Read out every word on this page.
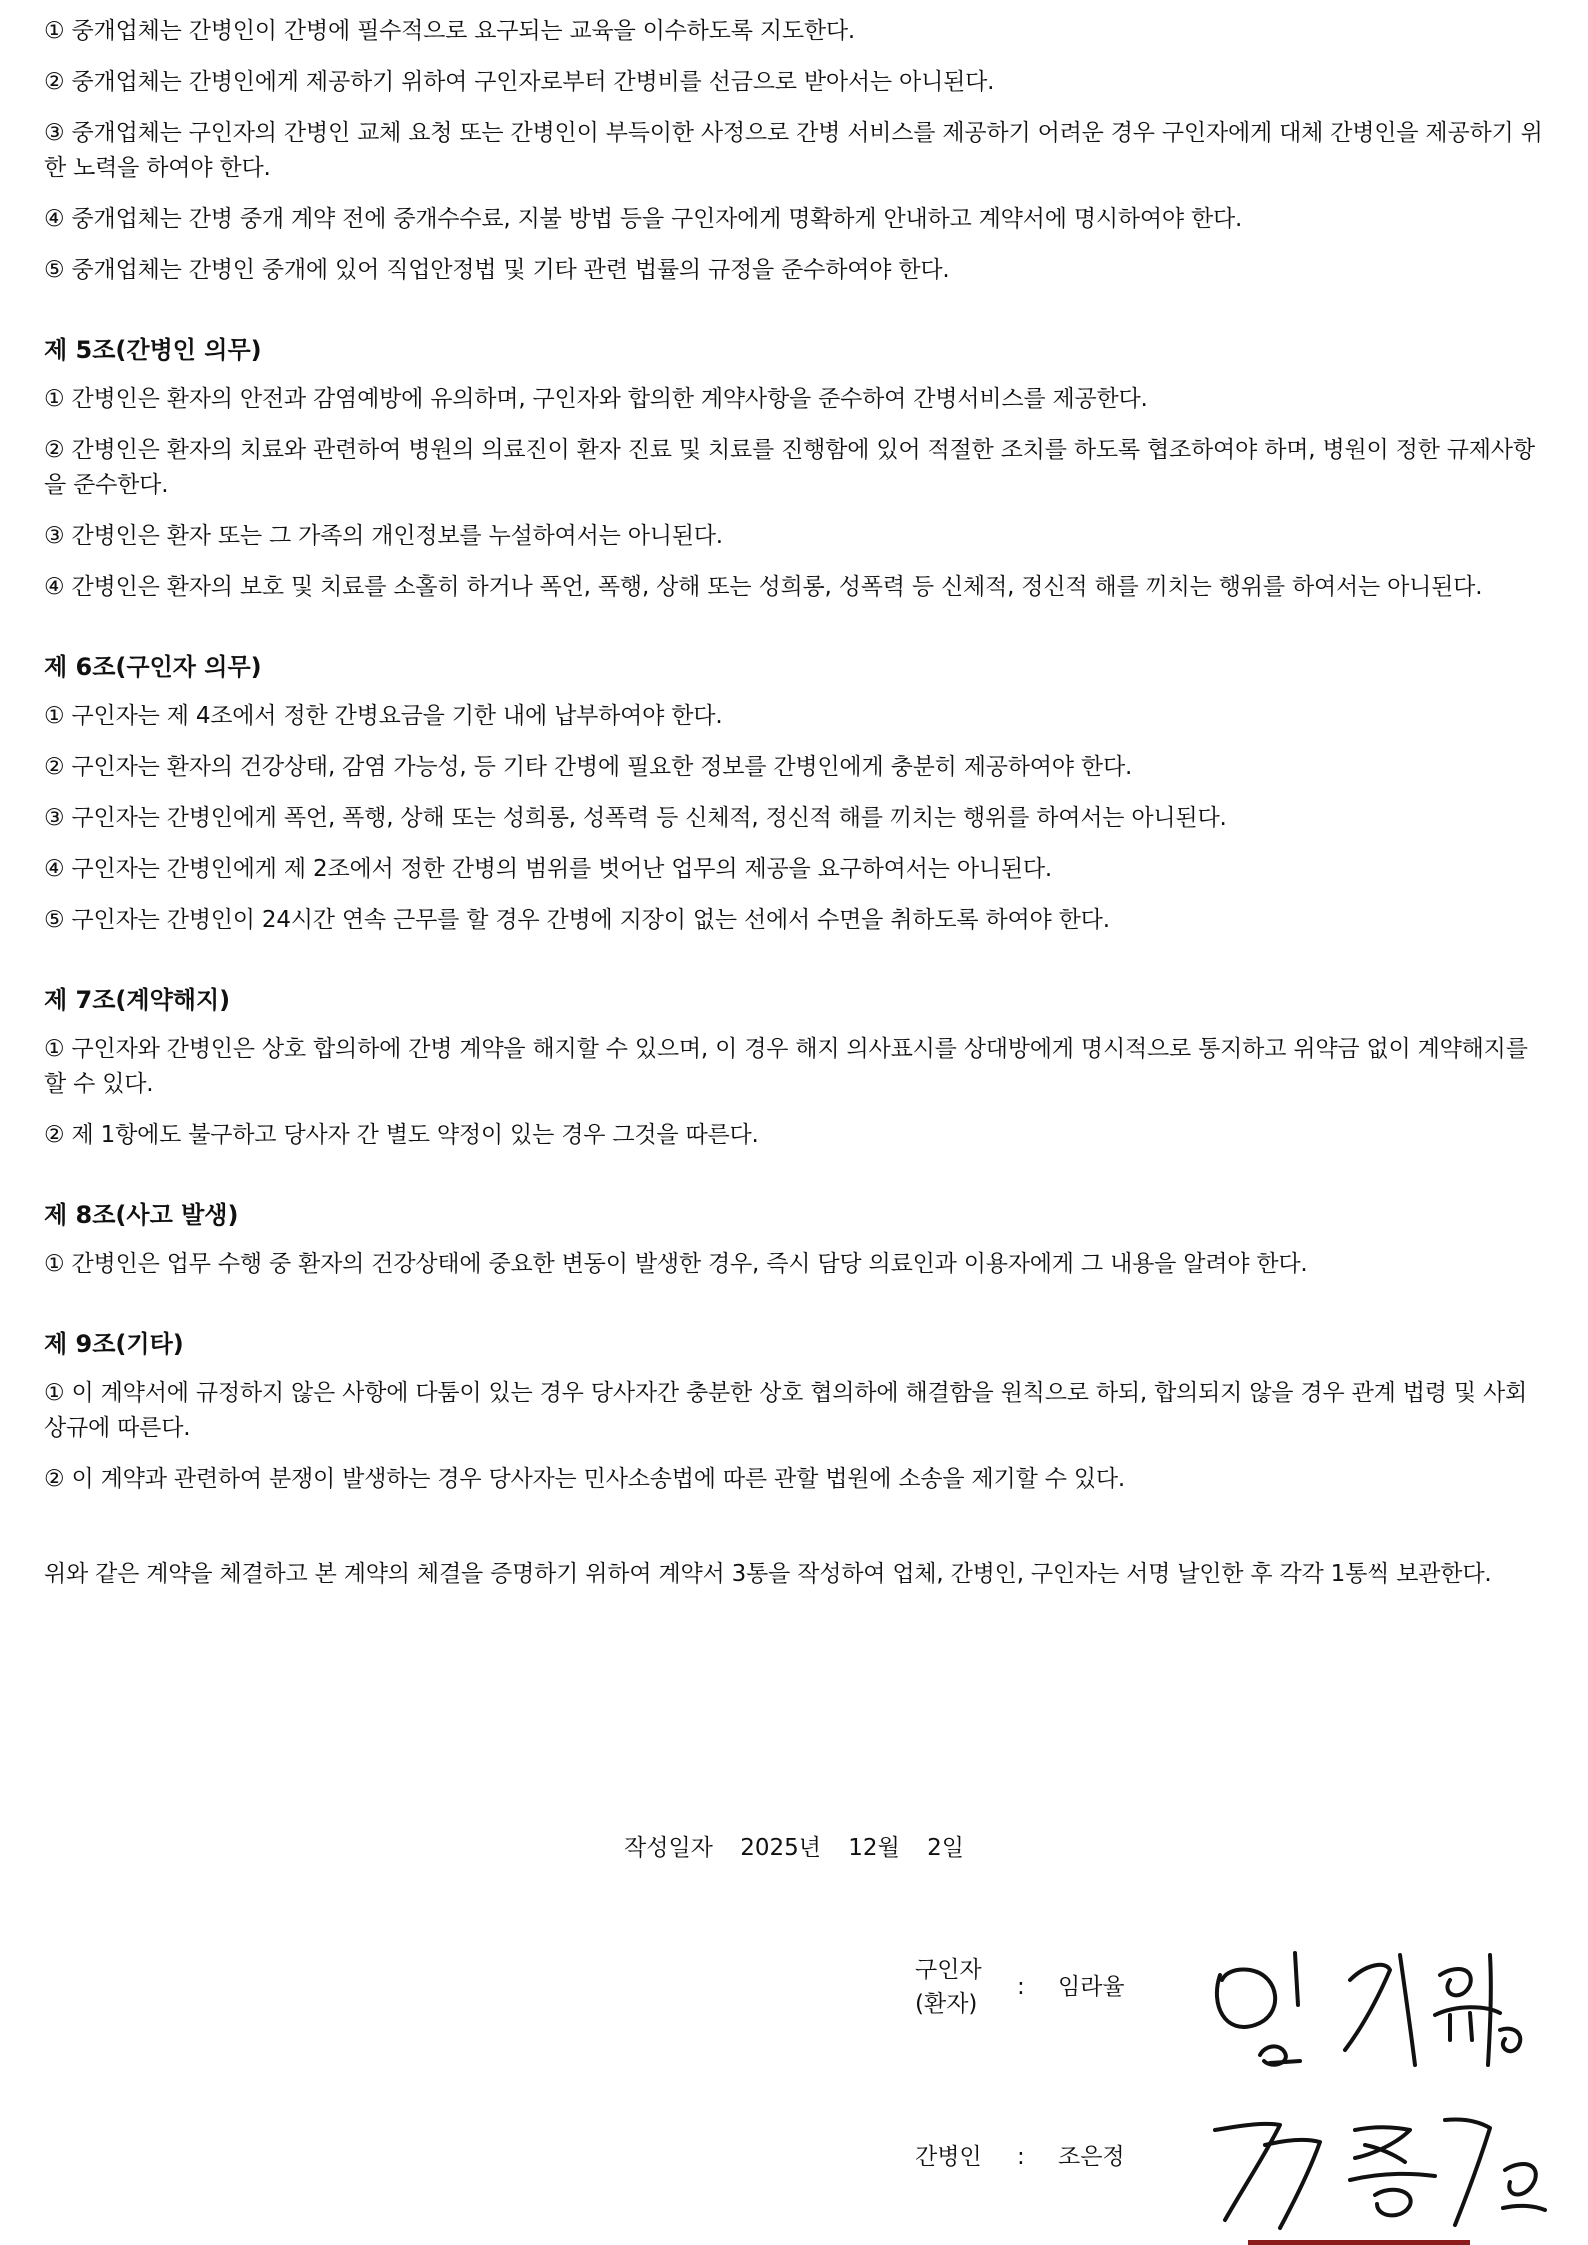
① 중개업체는 간병인이 간병에 필수적으로 요구되는 교육을 이수하도록 지도한다.

② 중개업체는 간병인에게 제공하기 위하여 구인자로부터 간병비를 선금으로 받아서는 아니된다.

③ 중개업체는 구인자의 간병인 교체 요청 또는 간병인이 부득이한 사정으로 간병 서비스를 제공하기 어려운 경우 구인자에게 대체 간병인을 제공하기 위한 노력을 하여야 한다.

④ 중개업체는 간병 중개 계약 전에 중개수수료, 지불 방법 등을 구인자에게 명확하게 안내하고 계약서에 명시하여야 한다.

⑤ 중개업체는 간병인 중개에 있어 직업안정법 및 기타 관련 법률의 규정을 준수하여야 한다.

제 5조(간병인 의무)

① 간병인은 환자의 안전과 감염예방에 유의하며, 구인자와 합의한 계약사항을 준수하여 간병서비스를 제공한다.

② 간병인은 환자의 치료와 관련하여 병원의 의료진이 환자 진료 및 치료를 진행함에 있어 적절한 조치를 하도록 협조하여야 하며, 병원이 정한 규제사항을 준수한다.

③ 간병인은 환자 또는 그 가족의 개인정보를 누설하여서는 아니된다.

④ 간병인은 환자의 보호 및 치료를 소홀히 하거나 폭언, 폭행, 상해 또는 성희롱, 성폭력 등 신체적, 정신적 해를 끼치는 행위를 하여서는 아니된다.

제 6조(구인자 의무)

① 구인자는 제 4조에서 정한 간병요금을 기한 내에 납부하여야 한다.

② 구인자는 환자의 건강상태, 감염 가능성, 등 기타 간병에 필요한 정보를 간병인에게 충분히 제공하여야 한다.

③ 구인자는 간병인에게 폭언, 폭행, 상해 또는 성희롱, 성폭력 등 신체적, 정신적 해를 끼치는 행위를 하여서는 아니된다.

④ 구인자는 간병인에게 제 2조에서 정한 간병의 범위를 벗어난 업무의 제공을 요구하여서는 아니된다.

⑤ 구인자는 간병인이 24시간 연속 근무를 할 경우 간병에 지장이 없는 선에서 수면을 취하도록 하여야 한다.

제 7조(계약해지)

① 구인자와 간병인은 상호 합의하에 간병 계약을 해지할 수 있으며, 이 경우 해지 의사표시를 상대방에게 명시적으로 통지하고 위약금 없이 계약해지를 할 수 있다.

② 제 1항에도 불구하고 당사자 간 별도 약정이 있는 경우 그것을 따른다.

제 8조(사고 발생)

① 간병인은 업무 수행 중 환자의 건강상태에 중요한 변동이 발생한 경우, 즉시 담당 의료인과 이용자에게 그 내용을 알려야 한다.

제 9조(기타)

① 이 계약서에 규정하지 않은 사항에 다툼이 있는 경우 당사자간 충분한 상호 협의하에 해결함을 원칙으로 하되, 합의되지 않을 경우 관계 법령 및 사회상규에 따른다.

② 이 계약과 관련하여 분쟁이 발생하는 경우 당사자는 민사소송법에 따른 관할 법원에 소송을 제기할 수 있다.

위와 같은 계약을 체결하고 본 계약의 체결을 증명하기 위하여 계약서 3통을 작성하여 업체, 간병인, 구인자는 서명 날인한 후 각각 1통씩 보관한다.

작성일자 2025년 12월 2일
구인자
(환자)
: 임라율
간병인 : 조은정
